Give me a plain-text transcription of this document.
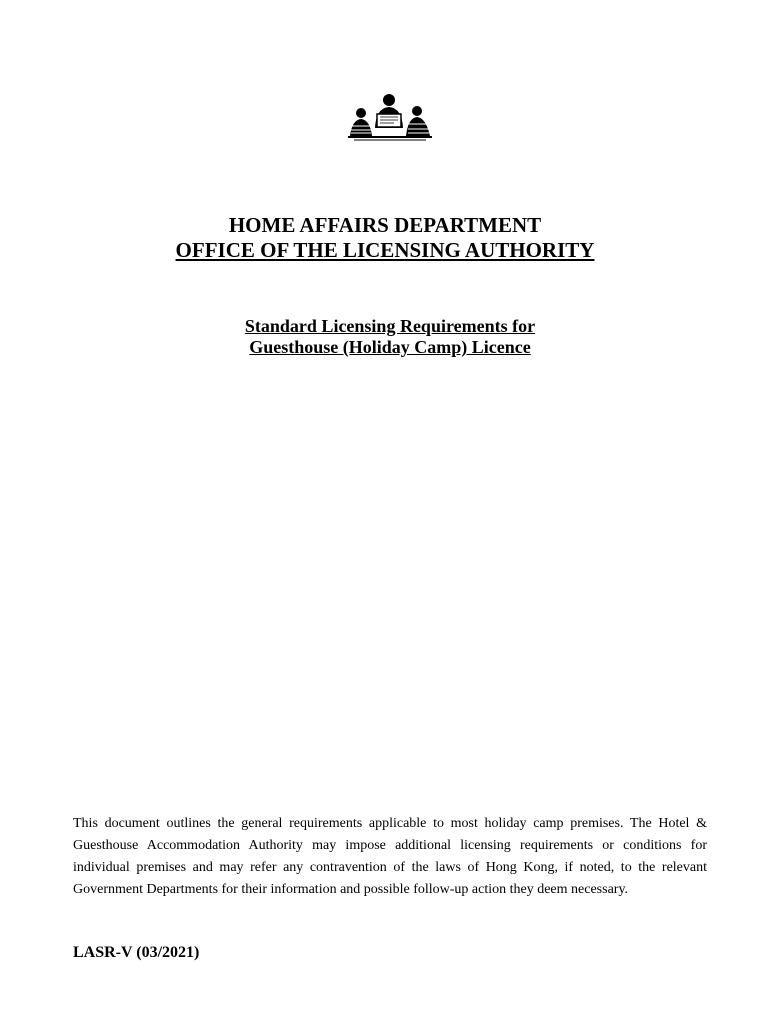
HOME AFFAIRS DEPARTMENT

OFFICE OF THE LICENSING AUTHORITY

Standard Licensing Requirements for

Guesthouse (Holiday Camp) Licence

This document outlines the general requirements applicable to most holiday camp premises. The Hotel & Guesthouse Accommodation Authority may impose additional licensing requirements or conditions for individual premises and may refer any contravention of the laws of Hong Kong, if noted, to the relevant Government Departments for their information and possible follow-up action they deem necessary.

LASR-V (03/2021)
